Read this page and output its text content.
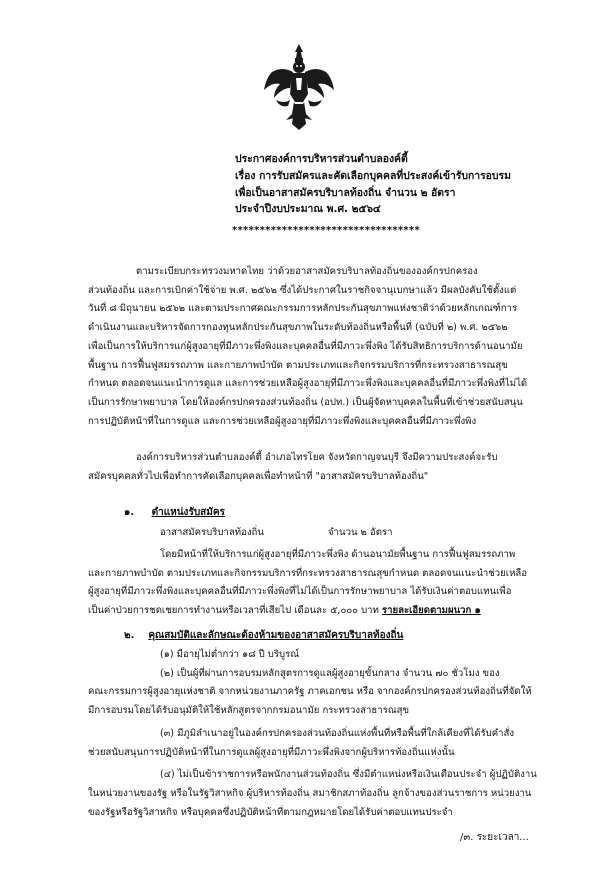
ประกาศองค์การบริหารส่วนตำบลองค์ตี้
เรื่อง การรับสมัครและคัดเลือกบุคคลที่ประสงค์เข้ารับการอบรม
เพื่อเป็นอาสาสมัครบริบาลท้องถิ่น จำนวน ๒ อัตรา
ประจำปีงบประมาณ พ.ศ. ๒๕๖๔
**********************************
ตามระเบียบกระทรวงมหาดไทย ว่าด้วยอาสาสมัครบริบาลท้องถิ่นขององค์กรปกครอง
ส่วนท้องถิ่น และการเบิกค่าใช้จ่าย พ.ศ. ๒๕๖๒ ซึ่งได้ประกาศในราชกิจจานุเบกษาแล้ว มีผลบังคับใช้ตั้งแต่
วันที่ ๘ มิถุนายน ๒๕๖๒ และตามประกาศคณะกรรมการหลักประกันสุขภาพแห่งชาติว่าด้วยหลักเกณฑ์การ
ดำเนินงานและบริหารจัดการกองทุนหลักประกันสุขภาพในระดับท้องถิ่นหรือพื้นที่ (ฉบับที่ ๒) พ.ศ. ๒๕๖๒
เพื่อเป็นการให้บริการแก่ผู้สูงอายุที่มีภาวะพึ่งพิงและบุคคลอื่นที่มีภาวะพึ่งพิง ได้รับสิทธิการบริการด้านอนามัย
พื้นฐาน การฟื้นฟูสมรรถภาพ และกายภาพบำบัด ตามประเภทและกิจกรรมบริการที่กระทรวงสาธารณสุข
กำหนด ตลอดจนแนะนำการดูแล และการช่วยเหลือผู้สูงอายุที่มีภาวะพึ่งพิงและบุคคลอื่นที่มีภาวะพึ่งพิงที่ไม่ได้
เป็นการรักษาพยาบาล โดยให้องค์กรปกครองส่วนท้องถิ่น (อปท.) เป็นผู้จัดหาบุคคลในพื้นที่เข้าช่วยสนับสนุน
การปฏิบัติหน้าที่ในการดูแล และการช่วยเหลือผู้สูงอายุที่มีภาวะพึ่งพิงและบุคคลอื่นที่มีภาวะพึ่งพิง
องค์การบริหารส่วนตำบลองค์ตี้ อำเภอไทรโยค จังหวัดกาญจนบุรี จึงมีความประสงค์จะรับ
สมัครบุคคลทั่วไปเพื่อทำการคัดเลือกบุคคลเพื่อทำหน้าที่ "อาสาสมัครบริบาลท้องถิ่น"
๑. ตำแหน่งรับสมัคร
อาสาสมัครบริบาลท้องถิ่น	จำนวน ๒ อัตรา
โดยมีหน้าที่ให้บริการแก่ผู้สูงอายุที่มีภาวะพึ่งพิง ด้านอนามัยพื้นฐาน การฟื้นฟูสมรรถภาพ
และกายภาพบำบัด ตามประเภทและกิจกรรมบริการที่กระทรวงสาธารณสุขกำหนด ตลอดจนแนะนำช่วยเหลือ
ผู้สูงอายุที่มีภาวะพึ่งพิงและบุคคลอื่นที่มีภาวะพึ่งพิงที่ไม่ได้เป็นการรักษาพยาบาล ได้รับเงินค่าตอบแทนเพื่อ
เป็นค่าป่วยการชดเชยการทำงานหรือเวลาที่เสียไป เดือนละ ๕,๐๐๐ บาท รายละเอียดตามผนวก ๑
๒. คุณสมบัติและลักษณะต้องห้ามของอาสาสมัครบริบาลท้องถิ่น
(๑) มีอายุไม่ต่ำกว่า ๑๘ ปี บริบูรณ์
(๒) เป็นผู้ที่ผ่านการอบรมหลักสูตรการดูแลผู้สูงอายุขั้นกลาง จำนวน ๗๐ ชั่วโมง ของ
คณะกรรมการผู้สูงอายุแห่งชาติ จากหน่วยงานภาครัฐ ภาคเอกชน หรือ จากองค์กรปกครองส่วนท้องถิ่นที่จัดให้
มีการอบรมโดยได้รับอนุมัติให้ใช้หลักสูตรจากกรมอนามัย กระทรวงสาธารณสุข
(๓) มีภูมิลำเนาอยู่ในองค์กรปกครองส่วนท้องถิ่นแห่งพื้นที่หรือพื้นที่ใกล้เคียงที่ได้รับคำสั่ง
ช่วยสนับสนุนการปฏิบัติหน้าที่ในการดูแลผู้สูงอายุที่มีภาวะพึ่งพิงจากผู้บริหารท้องถิ่นแห่งนั้น
(๔) ไม่เป็นข้าราชการหรือพนักงานส่วนท้องถิ่น ซึ่งมีตำแหน่งหรือเงินเดือนประจำ ผู้ปฏิบัติงาน
ในหน่วยงานของรัฐ หรือในรัฐวิสาหกิจ ผู้บริหารท้องถิ่น สมาชิกสภาท้องถิ่น ลูกจ้างของส่วนราชการ หน่วยงาน
ของรัฐหรือรัฐวิสาหกิจ หรือบุคคลซึ่งปฏิบัติหน้าที่ตามกฎหมายโดยได้รับค่าตอบแทนประจำ
/๓. ระยะเวลา...
